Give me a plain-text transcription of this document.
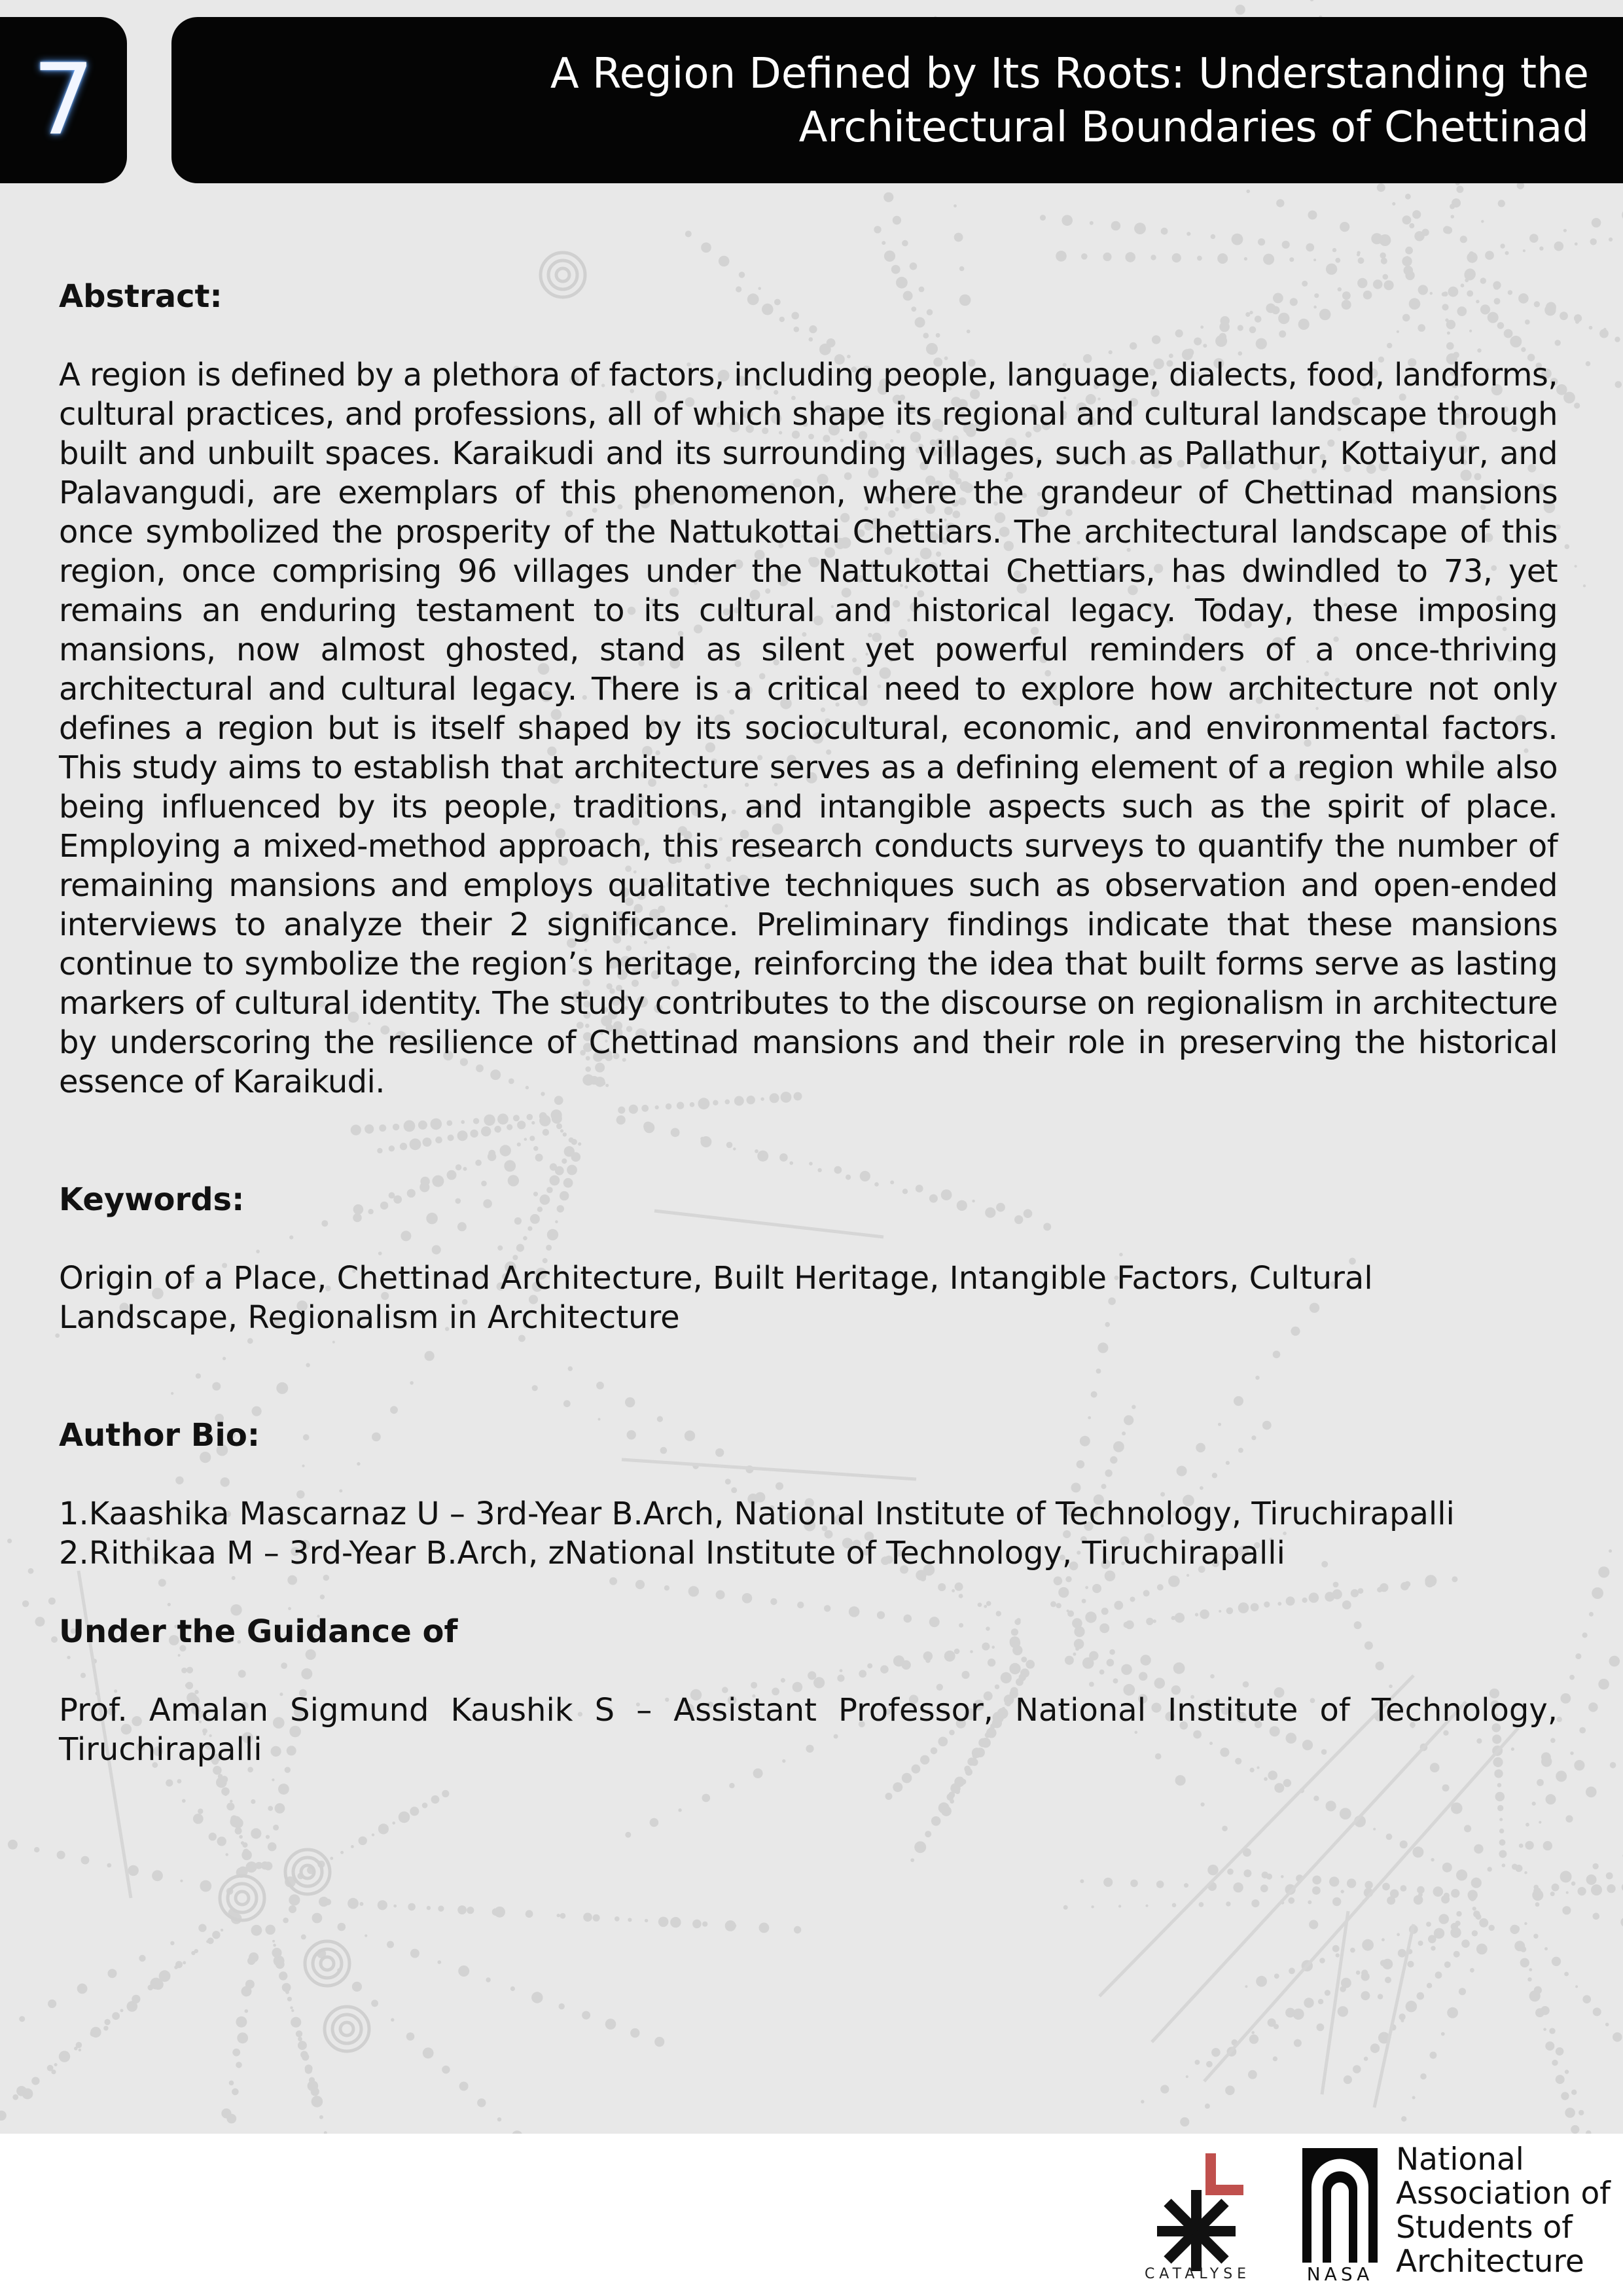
7	A Region Defined by Its Roots: Understanding the
Architectural Boundaries of Chettinad

Abstract:

A region is defined by a plethora of factors, including people, language, dialects, food, landforms, cultural practices, and professions, all of which shape its regional and cultural landscape through built and unbuilt spaces. Karaikudi and its surrounding villages, such as Pallathur, Kottaiyur, and Palavangudi, are exemplars of this phenomenon, where the grandeur of Chettinad mansions once symbolized the prosperity of the Nattukottai Chettiars. The architectural landscape of this region, once comprising 96 villages under the Nattukottai Chettiars, has dwindled to 73, yet remains an enduring testament to its cultural and historical legacy. Today, these imposing mansions, now almost ghosted, stand as silent yet powerful reminders of a once-thriving architectural and cultural legacy. There is a critical need to explore how architecture not only defines a region but is itself shaped by its sociocultural, economic, and environmental factors. This study aims to establish that architecture serves as a defining element of a region while also being influenced by its people, traditions, and intangible aspects such as the spirit of place. Employing a mixed-method approach, this research conducts surveys to quantify the number of remaining mansions and employs qualitative techniques such as observation and open-ended interviews to analyze their 2 significance. Preliminary findings indicate that these mansions continue to symbolize the region’s heritage, reinforcing the idea that built forms serve as lasting markers of cultural identity. The study contributes to the discourse on regionalism in architecture by underscoring the resilience of Chettinad mansions and their role in preserving the historical essence of Karaikudi.

Keywords:

Origin of a Place, Chettinad Architecture, Built Heritage, Intangible Factors, Cultural Landscape, Regionalism in Architecture

Author Bio:

1.Kaashika Mascarnaz U – 3rd-Year B.Arch, National Institute of Technology, Tiruchirapalli

2.Rithikaa M – 3rd-Year B.Arch, zNational Institute of Technology, Tiruchirapalli

Under the Guidance of

Prof. Amalan Sigmund Kaushik S – Assistant Professor, National Institute of Technology, Tiruchirapalli

CATALYSE	NASA

National
Association of
Students of
Architecture
